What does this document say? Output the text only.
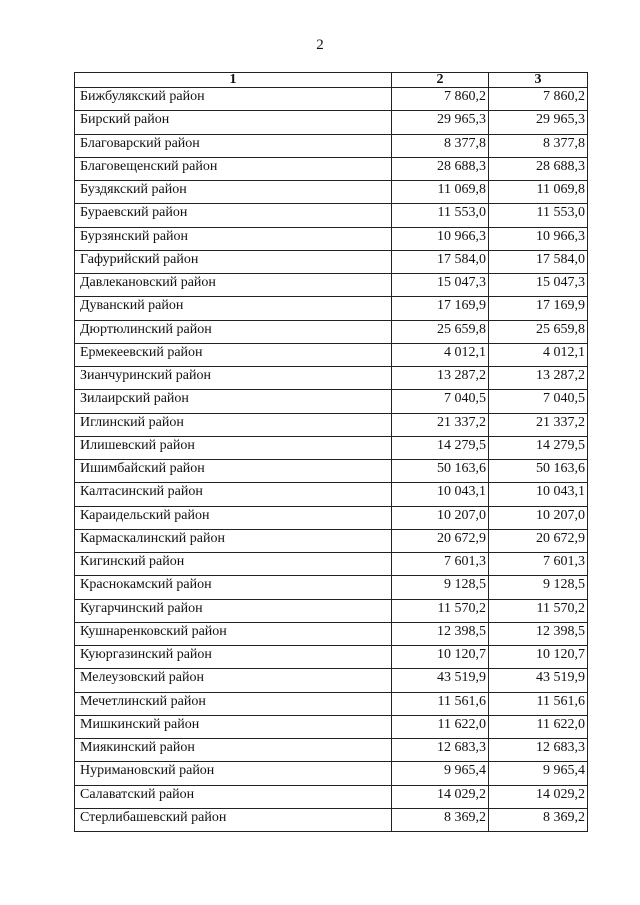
2
1	2	3
Бижбулякский район	7 860,2	7 860,2
Бирский район	29 965,3	29 965,3
Благоварский район	8 377,8	8 377,8
Благовещенский район	28 688,3	28 688,3
Буздякский район	11 069,8	11 069,8
Бураевский район	11 553,0	11 553,0
Бурзянский район	10 966,3	10 966,3
Гафурийский район	17 584,0	17 584,0
Давлекановский район	15 047,3	15 047,3
Дуванский район	17 169,9	17 169,9
Дюртюлинский район	25 659,8	25 659,8
Ермекеевский район	4 012,1	4 012,1
Зианчуринский район	13 287,2	13 287,2
Зилаирский район	7 040,5	7 040,5
Иглинский район	21 337,2	21 337,2
Илишевский район	14 279,5	14 279,5
Ишимбайский район	50 163,6	50 163,6
Калтасинский район	10 043,1	10 043,1
Караидельский район	10 207,0	10 207,0
Кармаскалинский район	20 672,9	20 672,9
Кигинский район	7 601,3	7 601,3
Краснокамский район	9 128,5	9 128,5
Кугарчинский район	11 570,2	11 570,2
Кушнаренковский район	12 398,5	12 398,5
Куюргазинский район	10 120,7	10 120,7
Мелеузовский район	43 519,9	43 519,9
Мечетлинский район	11 561,6	11 561,6
Мишкинский район	11 622,0	11 622,0
Миякинский район	12 683,3	12 683,3
Нуримановский район	9 965,4	9 965,4
Салаватский район	14 029,2	14 029,2
Стерлибашевский район	8 369,2	8 369,2
